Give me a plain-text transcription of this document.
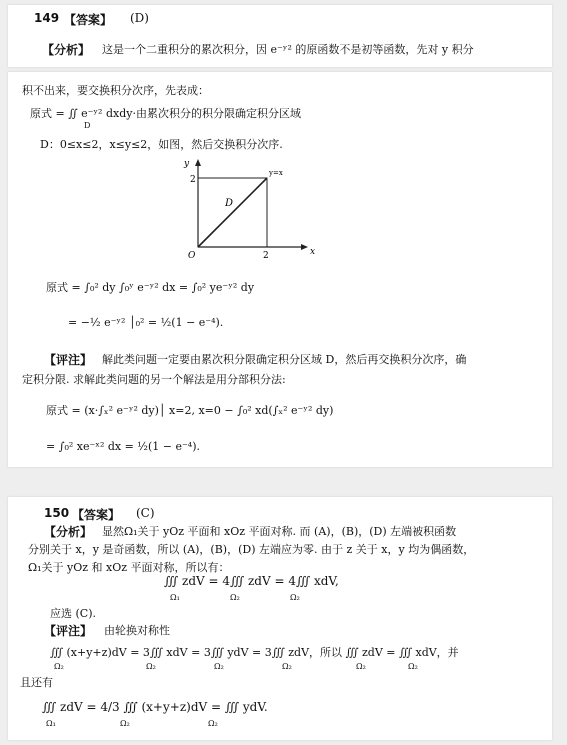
149 【答案】 (D)
【分析】 这是一个二重积分的累次积分，因 e⁻ʸ² 的原函数不是初等函数，先对 y 积分
积不出来，要交换积分次序，先表成：
原式 = ∬ e⁻ʸ² dxdy·由累次积分的积分限确定积分区域
D
D：0≤x≤2，x≤y≤2，如图，然后交换积分次序.
y
x
O
2
2
D
y=x
原式 = ∫₀² dy ∫₀ʸ e⁻ʸ² dx = ∫₀² ye⁻ʸ² dy
= −½ e⁻ʸ² │₀² = ½(1 − e⁻⁴).
【评注】 解此类问题一定要由累次积分限确定积分区域 D，然后再交换积分次序，确
定积分限. 求解此类问题的另一个解法是用分部积分法:
原式 = (x·∫ₓ² e⁻ʸ² dy)│ x=2, x=0 − ∫₀² xd(∫ₓ² e⁻ʸ² dy)
= ∫₀² xe⁻ˣ² dx = ½(1 − e⁻⁴).
150 【答案】 (C)
【分析】 显然Ω₁关于 yOz 平面和 xOz 平面对称. 而 (A)，(B)，(D) 左端被积函数
分别关于 x，y 是奇函数，所以 (A)，(B)，(D) 左端应为零. 由于 z 关于 x，y 均为偶函数，
Ω₁关于 yOz 和 xOz 平面对称，所以有：
∭ zdV = 4∭ zdV = 4∭ xdV,
Ω₁	Ω₂	Ω₂
应选 (C).
【评注】 由轮换对称性
∭ (x+y+z)dV = 3∭ xdV = 3∭ ydV = 3∭ zdV，所以 ∭ zdV = ∭ xdV，并
Ω₂	Ω₂	Ω₂	Ω₂	Ω₂	Ω₂
且还有
∭ zdV = 4/3 ∭ (x+y+z)dV = ∭ ydV.
Ω₁	Ω₂	Ω₂
